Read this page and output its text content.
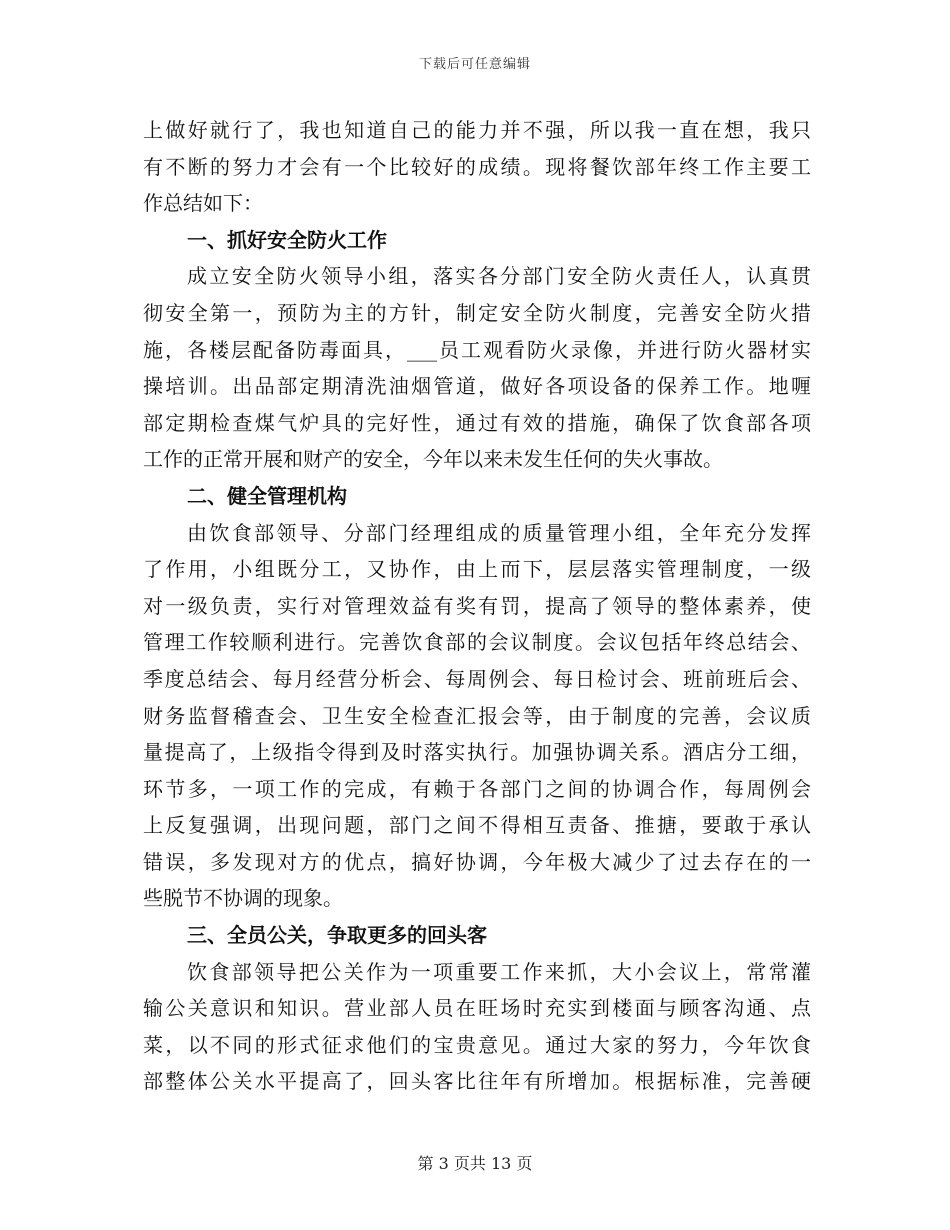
下载后可任意编辑
上做好就行了，我也知道自己的能力并不强，所以我一直在想，我只
有不断的努力才会有一个比较好的成绩。现将餐饮部年终工作主要工
作总结如下：
一、抓好安全防火工作
成立安全防火领导小组，落实各分部门安全防火责任人，认真贯
彻安全第一，预防为主的方针，制定安全防火制度，完善安全防火措
施，各楼层配备防毒面具，___员工观看防火录像，并进行防火器材实
操培训。出品部定期清洗油烟管道，做好各项设备的保养工作。地喱
部定期检查煤气炉具的完好性，通过有效的措施，确保了饮食部各项
工作的正常开展和财产的安全，今年以来未发生任何的失火事故。
二、健全管理机构
由饮食部领导、分部门经理组成的质量管理小组，全年充分发挥
了作用，小组既分工，又协作，由上而下，层层落实管理制度，一级
对一级负责，实行对管理效益有奖有罚，提高了领导的整体素养，使
管理工作较顺利进行。完善饮食部的会议制度。会议包括年终总结会、
季度总结会、每月经营分析会、每周例会、每日检讨会、班前班后会、
财务监督稽查会、卫生安全检查汇报会等，由于制度的完善，会议质
量提高了，上级指令得到及时落实执行。加强协调关系。酒店分工细，
环节多，一项工作的完成，有赖于各部门之间的协调合作，每周例会
上反复强调，出现问题，部门之间不得相互责备、推搪，要敢于承认
错误，多发现对方的优点，搞好协调，今年极大减少了过去存在的一
些脱节不协调的现象。
三、全员公关，争取更多的回头客
饮食部领导把公关作为一项重要工作来抓，大小会议上，常常灌
输公关意识和知识。营业部人员在旺场时充实到楼面与顾客沟通、点
菜，以不同的形式征求他们的宝贵意见。通过大家的努力，今年饮食
部整体公关水平提高了，回头客比往年有所增加。根据标准，完善硬
第 3 页共 13 页
